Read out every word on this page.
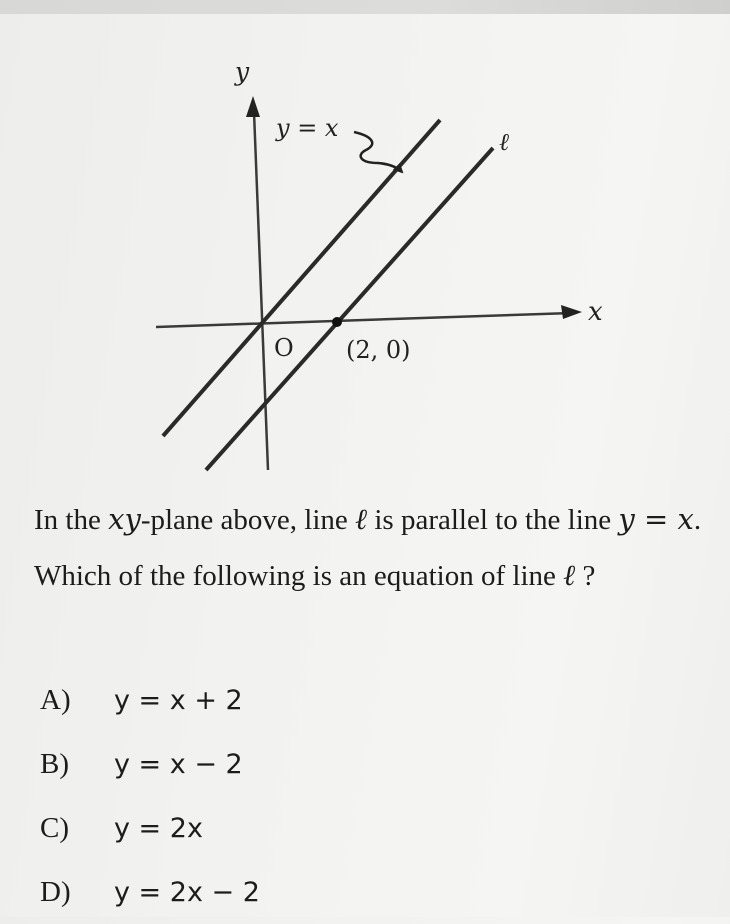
y
x
O (2, 0)
y = x	ℓ

In the xy-plane above, line ℓ is parallel to the line y = x. Which of the following is an equation of line ℓ ?

A)	y = x + 2
B)	y = x − 2
C)	y = 2x
D)	y = 2x − 2
